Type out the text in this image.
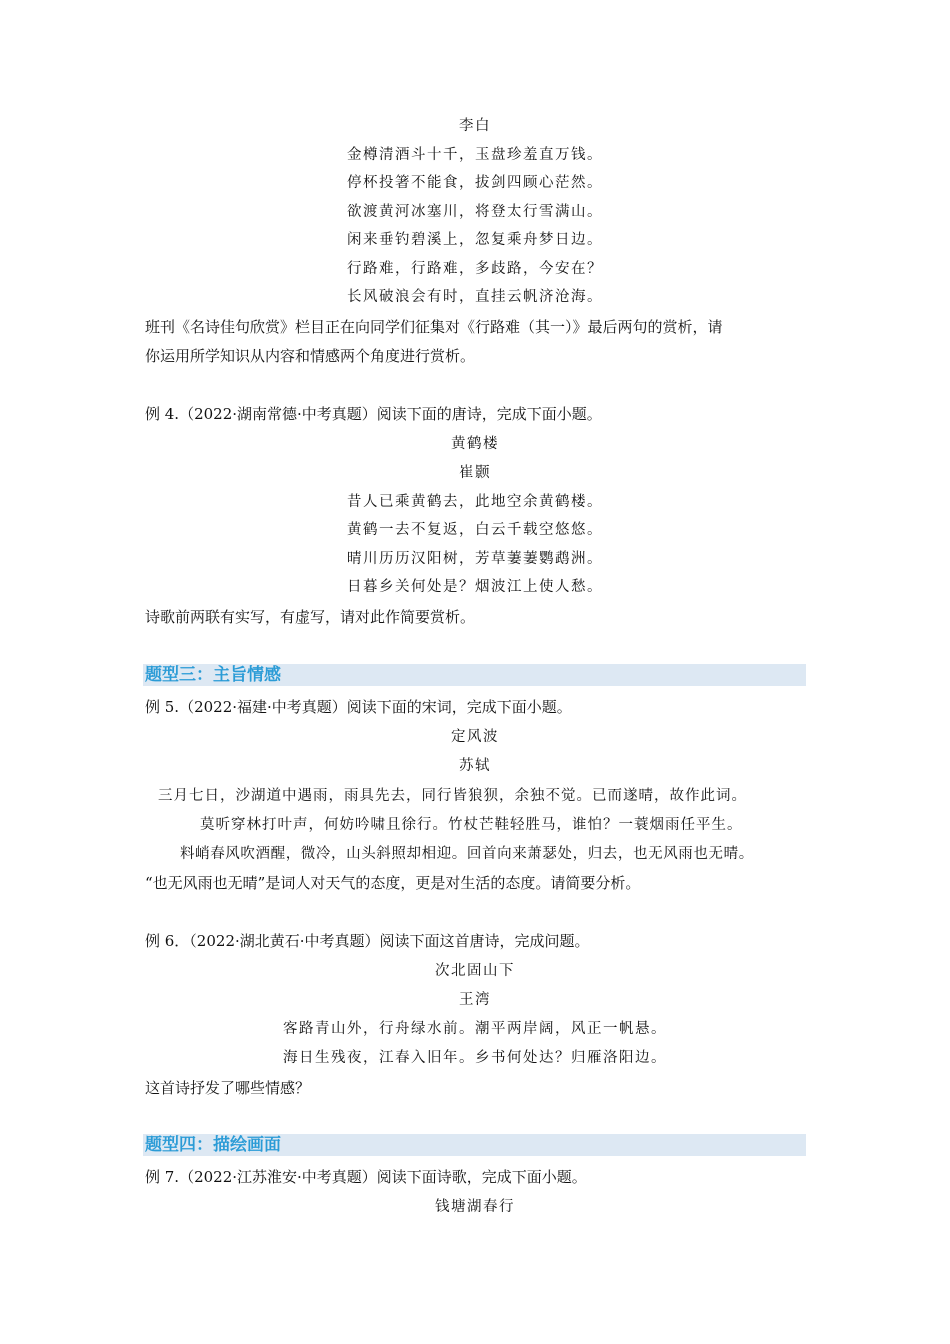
李白
金樽清酒斗十千，玉盘珍羞直万钱。
停杯投箸不能食，拔剑四顾心茫然。
欲渡黄河冰塞川，将登太行雪满山。
闲来垂钓碧溪上，忽复乘舟梦日边。
行路难，行路难，多歧路，今安在？
长风破浪会有时，直挂云帆济沧海。
班刊《名诗佳句欣赏》栏目正在向同学们征集对《行路难（其一）》最后两句的赏析，请
你运用所学知识从内容和情感两个角度进行赏析。
例 4.（2022·湖南常德·中考真题）阅读下面的唐诗，完成下面小题。
黄鹤楼
崔颢
昔人已乘黄鹤去，此地空余黄鹤楼。
黄鹤一去不复返，白云千载空悠悠。
晴川历历汉阳树，芳草萋萋鹦鹉洲。
日暮乡关何处是？烟波江上使人愁。
诗歌前两联有实写，有虚写，请对此作简要赏析。
题型三：主旨情感
例 5.（2022·福建·中考真题）阅读下面的宋词，完成下面小题。
定风波
苏轼
三月七日，沙湖道中遇雨，雨具先去，同行皆狼狈，余独不觉。已而遂晴，故作此词。
莫听穿林打叶声，何妨吟啸且徐行。竹杖芒鞋轻胜马，谁怕？一蓑烟雨任平生。
料峭春风吹酒醒，微冷，山头斜照却相迎。回首向来萧瑟处，归去，也无风雨也无晴。
“也无风雨也无晴”是词人对天气的态度，更是对生活的态度。请简要分析。
例 6．（2022·湖北黄石·中考真题）阅读下面这首唐诗，完成问题。
次北固山下
王湾
客路青山外，行舟绿水前。潮平两岸阔，风正一帆悬。
海日生残夜，江春入旧年。乡书何处达？归雁洛阳边。
这首诗抒发了哪些情感？
题型四：描绘画面
例 7.（2022·江苏淮安·中考真题）阅读下面诗歌，完成下面小题。
钱塘湖春行
